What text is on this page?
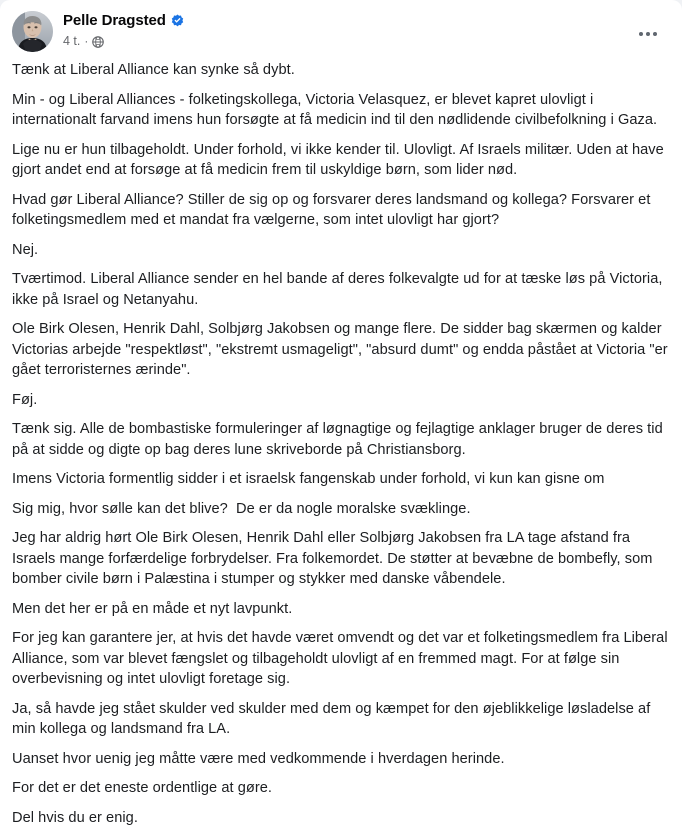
Pelle Dragsted
4 t. ·

Tænk at Liberal Alliance kan synke så dybt.

Min - og Liberal Alliances - folketingskollega, Victoria Velasquez, er blevet kapret ulovligt i internationalt farvand imens hun forsøgte at få medicin ind til den nødlidende civilbefolkning i Gaza.

Lige nu er hun tilbageholdt. Under forhold, vi ikke kender til. Ulovligt. Af Israels militær. Uden at have gjort andet end at forsøge at få medicin frem til uskyldige børn, som lider nød.

Hvad gør Liberal Alliance? Stiller de sig op og forsvarer deres landsmand og kollega? Forsvarer et folketingsmedlem med et mandat fra vælgerne, som intet ulovligt har gjort?

Nej.

Tværtimod. Liberal Alliance sender en hel bande af deres folkevalgte ud for at tæske løs på Victoria, ikke på Israel og Netanyahu.

Ole Birk Olesen, Henrik Dahl, Solbjørg Jakobsen og mange flere. De sidder bag skærmen og kalder Victorias arbejde "respektløst", "ekstremt usmageligt", "absurd dumt" og endda påstået at Victoria "er gået terroristernes ærinde".

Føj.

Tænk sig. Alle de bombastiske formuleringer af løgnagtige og fejlagtige anklager bruger de deres tid på at sidde og digte op bag deres lune skriveborde på Christiansborg.

Imens Victoria formentlig sidder i et israelsk fangenskab under forhold, vi kun kan gisne om

Sig mig, hvor sølle kan det blive?  De er da nogle moralske svæklinge.

Jeg har aldrig hørt Ole Birk Olesen, Henrik Dahl eller Solbjørg Jakobsen fra LA tage afstand fra Israels mange forfærdelige forbrydelser. Fra folkemordet. De støtter at bevæbne de bombefly, som bomber civile børn i Palæstina i stumper og stykker med danske våbendele.

Men det her er på en måde et nyt lavpunkt.

For jeg kan garantere jer, at hvis det havde været omvendt og det var et folketingsmedlem fra Liberal Alliance, som var blevet fængslet og tilbageholdt ulovligt af en fremmed magt. For at følge sin overbevisning og intet ulovligt foretage sig.

Ja, så havde jeg stået skulder ved skulder med dem og kæmpet for den øjeblikkelige løsladelse af min kollega og landsmand fra LA.

Uanset hvor uenig jeg måtte være med vedkommende i hverdagen herinde.

For det er det eneste ordentlige at gøre.

Del hvis du er enig.
